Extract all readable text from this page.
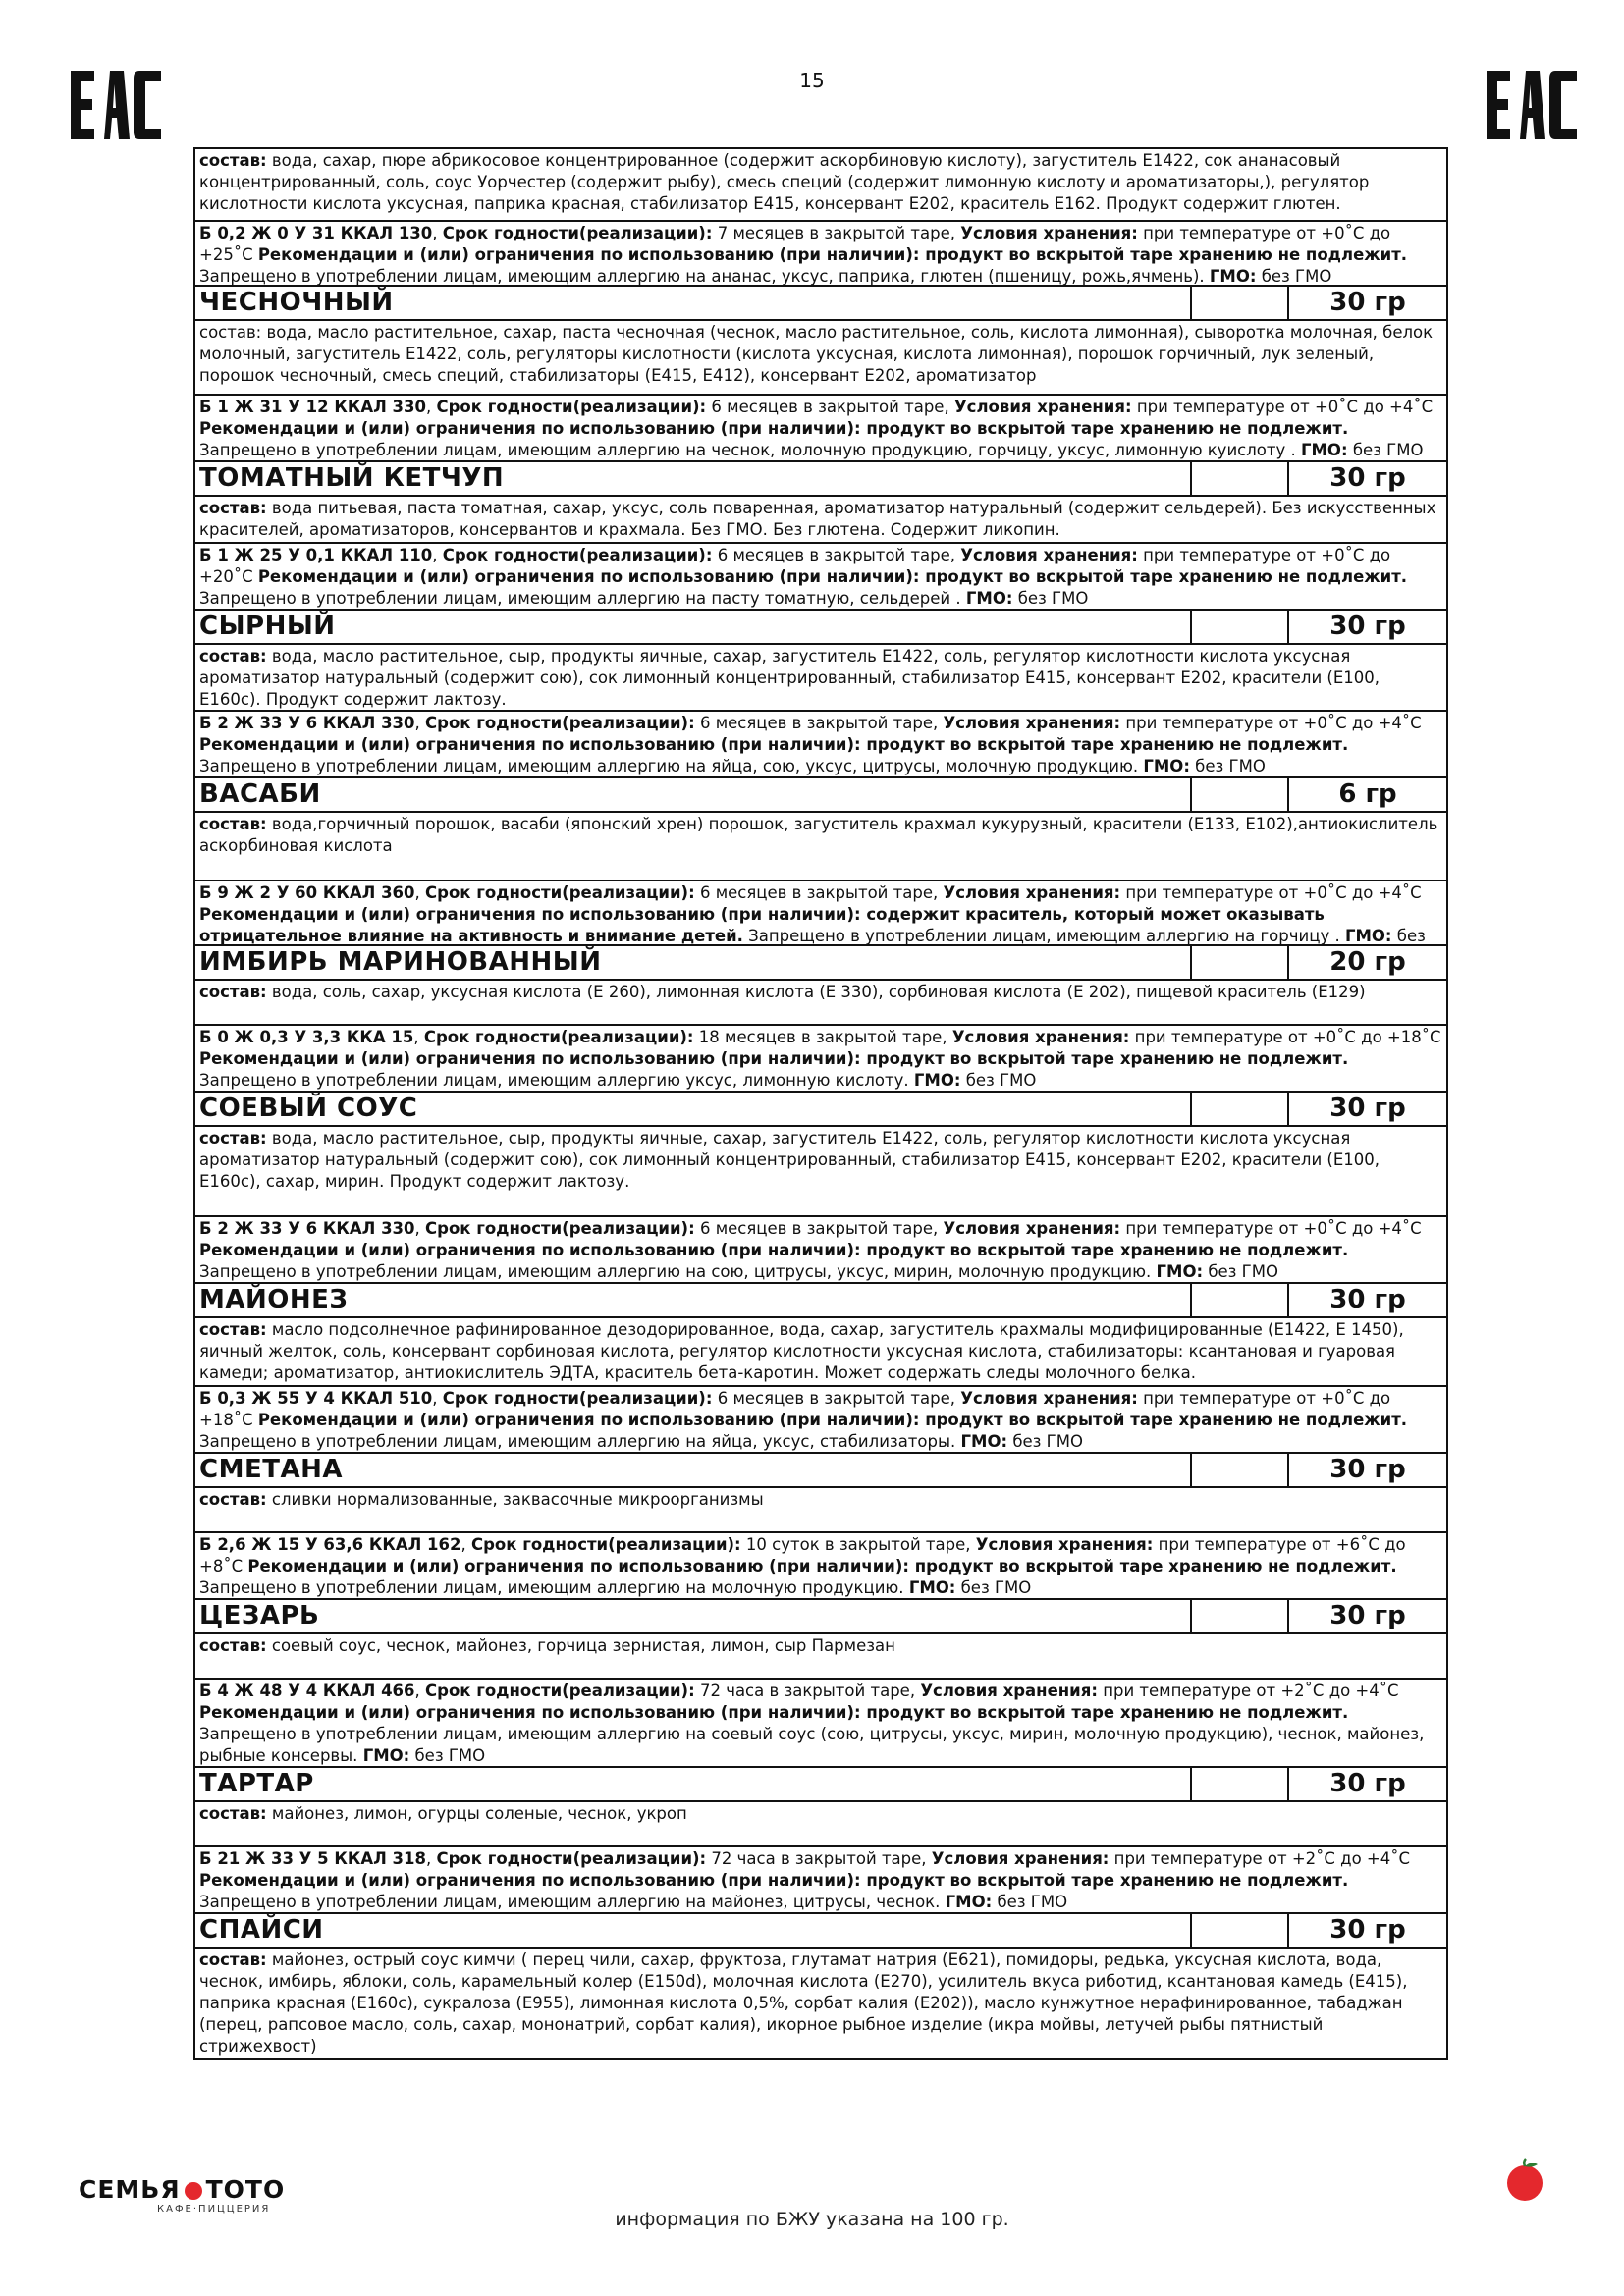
15
состав: вода, сахар, пюре абрикосовое концентрированное (содержит аскорбиновую кислоту), загуститель Е1422, сок ананасовый концентрированный, соль, соус Уорчестер (содержит рыбу), смесь специй (содержит лимонную кислоту и ароматизаторы,), регулятор кислотности кислота уксусная, паприка красная, стабилизатор Е415, консервант Е202, краситель Е162. Продукт содержит глютен.
Б 0,2 Ж 0 У 31 ККАЛ 130, Срок годности(реализации): 7 месяцев в закрытой таре, Условия хранения: при температуре от +0˚С до +25˚С Рекомендации и (или) ограничения по использованию (при наличии): продукт во вскрытой таре хранению не подлежит. Запрещено в употреблении лицам, имеющим аллергию на ананас, уксус, паприка, глютен (пшеницу, рожь,ячмень). ГМО: без ГМО
ЧЕСНОЧНЫЙ	30 гр
состав: вода, масло растительное, сахар, паста чесночная (чеснок, масло растительное, соль, кислота лимонная), сыворотка молочная, белок молочный, загуститель Е1422, соль, регуляторы кислотности (кислота уксусная, кислота лимонная), порошок горчичный, лук зеленый, порошок чесночный, смесь специй, стабилизаторы (Е415, Е412), консервант Е202, ароматизатор
Б 1 Ж 31 У 12 ККАЛ 330, Срок годности(реализации): 6 месяцев в закрытой таре, Условия хранения: при температуре от +0˚С до +4˚С Рекомендации и (или) ограничения по использованию (при наличии): продукт во вскрытой таре хранению не подлежит. Запрещено в употреблении лицам, имеющим аллергию на чеснок, молочную продукцию, горчицу, уксус, лимонную куислоту . ГМО: без ГМО
ТОМАТНЫЙ КЕТЧУП	30 гр
состав: вода питьевая, паста томатная, сахар, уксус, соль поваренная, ароматизатор натуральный (содержит сельдерей). Без искусственных красителей, ароматизаторов, консервантов и крахмала. Без ГМО. Без глютена. Содержит ликопин.
Б 1 Ж 25 У 0,1 ККАЛ 110, Срок годности(реализации): 6 месяцев в закрытой таре, Условия хранения: при температуре от +0˚С до +20˚С Рекомендации и (или) ограничения по использованию (при наличии): продукт во вскрытой таре хранению не подлежит. Запрещено в употреблении лицам, имеющим аллергию на пасту томатную, сельдерей . ГМО: без ГМО
СЫРНЫЙ	30 гр
состав: вода, масло растительное, сыр, продукты яичные, сахар, загуститель Е1422, соль, регулятор кислотности кислота уксусная ароматизатор натуральный (содержит сою), сок лимонный концентрированный, стабилизатор Е415, консервант Е202, красители (Е100, Е160с). Продукт содержит лактозу.
Б 2 Ж 33 У 6 ККАЛ 330, Срок годности(реализации): 6 месяцев в закрытой таре, Условия хранения: при температуре от +0˚С до +4˚С Рекомендации и (или) ограничения по использованию (при наличии): продукт во вскрытой таре хранению не подлежит. Запрещено в употреблении лицам, имеющим аллергию на яйца, сою, уксус, цитрусы, молочную продукцию. ГМО: без ГМО
ВАСАБИ	6 гр
состав: вода,горчичный порошок, васаби (японский хрен) порошок, загуститель крахмал кукурузный, красители (Е133, Е102),антиокислитель аскорбиновая кислота
Б 9 Ж 2 У 60 ККАЛ 360, Срок годности(реализации): 6 месяцев в закрытой таре, Условия хранения: при температуре от +0˚С до +4˚С Рекомендации и (или) ограничения по использованию (при наличии): содержит краситель, который может оказывать отрицательное влияние на активность и внимание детей. Запрещено в употреблении лицам, имеющим аллергию на горчицу . ГМО: без
ИМБИРЬ МАРИНОВАННЫЙ	20 гр
состав: вода, соль, сахар, уксусная кислота (Е 260), лимонная кислота (Е 330), сорбиновая кислота (Е 202), пищевой краситель (Е129)
Б 0 Ж 0,3 У 3,3 ККА 15, Срок годности(реализации): 18 месяцев в закрытой таре, Условия хранения: при температуре от +0˚С до +18˚С Рекомендации и (или) ограничения по использованию (при наличии): продукт во вскрытой таре хранению не подлежит. Запрещено в употреблении лицам, имеющим аллергию уксус, лимонную кислоту. ГМО: без ГМО
СОЕВЫЙ СОУС	30 гр
состав: вода, масло растительное, сыр, продукты яичные, сахар, загуститель Е1422, соль, регулятор кислотности кислота уксусная ароматизатор натуральный (содержит сою), сок лимонный концентрированный, стабилизатор Е415, консервант Е202, красители (Е100, Е160с), сахар, мирин. Продукт содержит лактозу.
Б 2 Ж 33 У 6 ККАЛ 330, Срок годности(реализации): 6 месяцев в закрытой таре, Условия хранения: при температуре от +0˚С до +4˚С Рекомендации и (или) ограничения по использованию (при наличии): продукт во вскрытой таре хранению не подлежит. Запрещено в употреблении лицам, имеющим аллергию на сою, цитрусы, уксус, мирин, молочную продукцию. ГМО: без ГМО
МАЙОНЕЗ	30 гр
состав: масло подсолнечное рафинированное дезодорированное, вода, сахар, загуститель крахмалы модифицированные (Е1422, Е 1450), яичный желток, соль, консервант сорбиновая кислота, регулятор кислотности уксусная кислота, стабилизаторы: ксантановая и гуаровая камеди; ароматизатор, антиокислитель ЭДТА, краситель бета-каротин. Может содержать следы молочного белка.
Б 0,3 Ж 55 У 4 ККАЛ 510, Срок годности(реализации): 6 месяцев в закрытой таре, Условия хранения: при температуре от +0˚С до +18˚С Рекомендации и (или) ограничения по использованию (при наличии): продукт во вскрытой таре хранению не подлежит. Запрещено в употреблении лицам, имеющим аллергию на яйца, уксус, стабилизаторы. ГМО: без ГМО
СМЕТАНА	30 гр
состав: сливки нормализованные, заквасочные микроорганизмы
Б 2,6 Ж 15 У 63,6 ККАЛ 162, Срок годности(реализации): 10 суток в закрытой таре, Условия хранения: при температуре от +6˚С до +8˚С Рекомендации и (или) ограничения по использованию (при наличии): продукт во вскрытой таре хранению не подлежит. Запрещено в употреблении лицам, имеющим аллергию на молочную продукцию. ГМО: без ГМО
ЦЕЗАРЬ	30 гр
состав: соевый соус, чеснок, майонез, горчица зернистая, лимон, сыр Пармезан
Б 4 Ж 48 У 4 ККАЛ 466, Срок годности(реализации): 72 часа в закрытой таре, Условия хранения: при температуре от +2˚С до +4˚С Рекомендации и (или) ограничения по использованию (при наличии): продукт во вскрытой таре хранению не подлежит. Запрещено в употреблении лицам, имеющим аллергию на соевый соус (сою, цитрусы, уксус, мирин, молочную продукцию), чеснок, майонез, рыбные консервы. ГМО: без ГМО
ТАРТАР	30 гр
состав: майонез, лимон, огурцы соленые, чеснок, укроп
Б 21 Ж 33 У 5 ККАЛ 318, Срок годности(реализации): 72 часа в закрытой таре, Условия хранения: при температуре от +2˚С до +4˚С Рекомендации и (или) ограничения по использованию (при наличии): продукт во вскрытой таре хранению не подлежит. Запрещено в употреблении лицам, имеющим аллергию на майонез, цитрусы, чеснок. ГМО: без ГМО
СПАЙСИ	30 гр
состав: майонез, острый соус кимчи ( перец чили, сахар, фруктоза, глутамат натрия (Е621), помидоры, редька, уксусная кислота, вода, чеснок, имбирь, яблоки, соль, карамельный колер (Е150d), молочная кислота (Е270), усилитель вкуса риботид, ксантановая камедь (Е415), паприка красная (Е160с), сукралоза (Е955), лимонная кислота 0,5%, сорбат калия (Е202)), масло кунжутное нерафинированное, табаджан (перец, рапсовое масло, соль, сахар, мононатрий, сорбат калия), икорное рыбное изделие (икра мойвы, летучей рыбы пятнистый стрижехвост)
СЕМЬЯ ТОТО
КАФЕ·ПИЦЦЕРИЯ	информация по БЖУ указана на 100 гр.
